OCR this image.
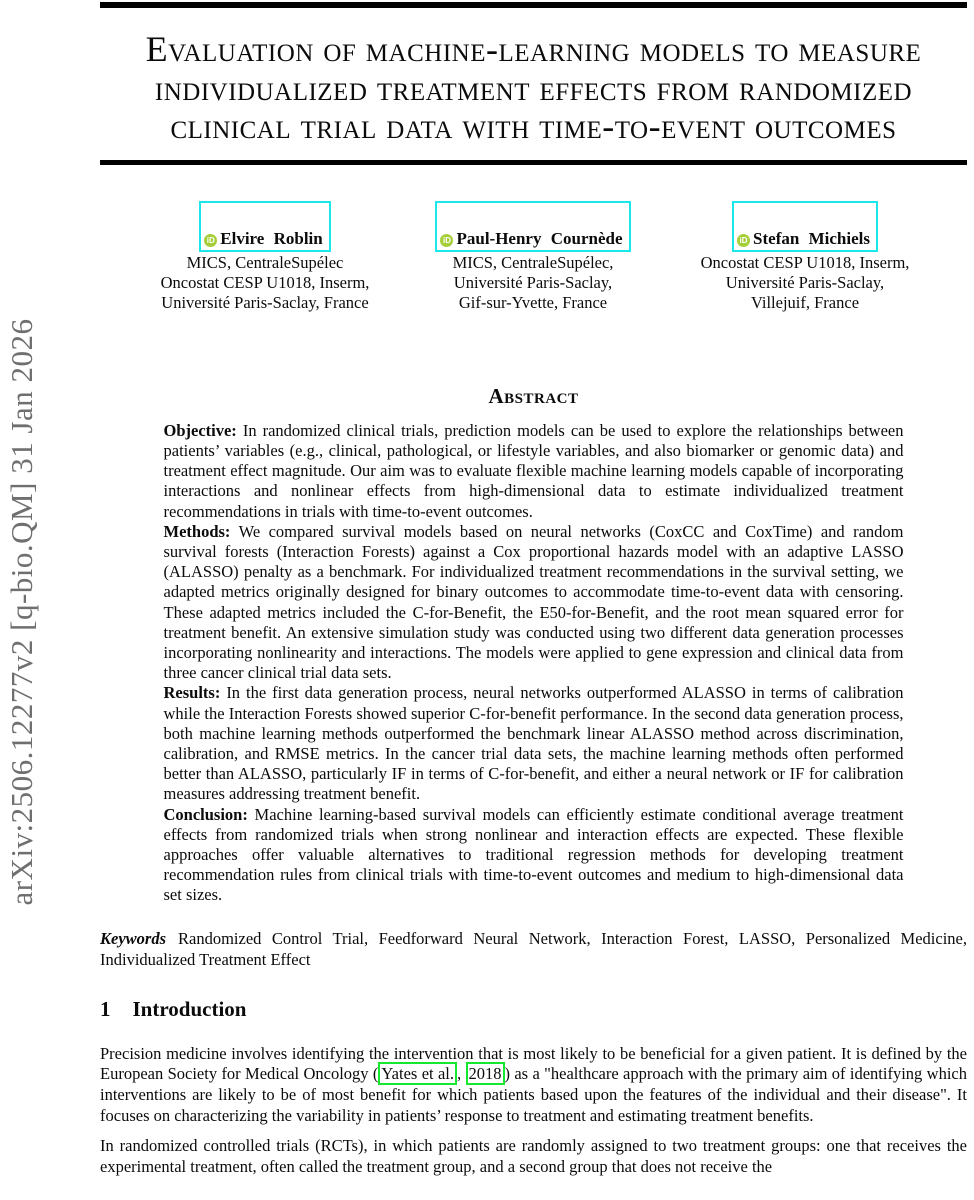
arXiv:2506.12277v2 [q-bio.QM] 31 Jan 2026
Evaluation of machine-learning models to measure individualized treatment effects from randomized clinical trial data with time-to-event outcomes
iD Elvire Roblin
MICS, CentraleSupélec
Oncostat CESP U1018, Inserm,
Université Paris-Saclay, France
iD Paul-Henry Cournède
MICS, CentraleSupélec,
Université Paris-Saclay,
Gif-sur-Yvette, France
iD Stefan Michiels
Oncostat CESP U1018, Inserm,
Université Paris-Saclay,
Villejuif, France
Abstract

Objective: In randomized clinical trials, prediction models can be used to explore the relationships between patients’ variables (e.g., clinical, pathological, or lifestyle variables, and also biomarker or genomic data) and treatment effect magnitude. Our aim was to evaluate flexible machine learning models capable of incorporating interactions and nonlinear effects from high-dimensional data to estimate individualized treatment recommendations in trials with time-to-event outcomes.

Methods: We compared survival models based on neural networks (CoxCC and CoxTime) and random survival forests (Interaction Forests) against a Cox proportional hazards model with an adaptive LASSO (ALASSO) penalty as a benchmark. For individualized treatment recommendations in the survival setting, we adapted metrics originally designed for binary outcomes to accommodate time-to-event data with censoring. These adapted metrics included the C-for-Benefit, the E50-for-Benefit, and the root mean squared error for treatment benefit. An extensive simulation study was conducted using two different data generation processes incorporating nonlinearity and interactions. The models were applied to gene expression and clinical data from three cancer clinical trial data sets.

Results: In the first data generation process, neural networks outperformed ALASSO in terms of calibration while the Interaction Forests showed superior C-for-benefit performance. In the second data generation process, both machine learning methods outperformed the benchmark linear ALASSO method across discrimination, calibration, and RMSE metrics. In the cancer trial data sets, the machine learning methods often performed better than ALASSO, particularly IF in terms of C-for-benefit, and either a neural network or IF for calibration measures addressing treatment benefit.

Conclusion: Machine learning-based survival models can efficiently estimate conditional average treatment effects from randomized trials when strong nonlinear and interaction effects are expected. These flexible approaches offer valuable alternatives to traditional regression methods for developing treatment recommendation rules from clinical trials with time-to-event outcomes and medium to high-dimensional data set sizes.

Keywords Randomized Control Trial, Feedforward Neural Network, Interaction Forest, LASSO, Personalized Medicine, Individualized Treatment Effect
1 Introduction

Precision medicine involves identifying the intervention that is most likely to be beneficial for a given patient. It is defined by the European Society for Medical Oncology ( Yates et al. , 2018 ) as a "healthcare approach with the primary aim of identifying which interventions are likely to be of most benefit for which patients based upon the features of the individual and their disease". It focuses on characterizing the variability in patients’ response to treatment and estimating treatment benefits.

In randomized controlled trials (RCTs), in which patients are randomly assigned to two treatment groups: one that receives the experimental treatment, often called the treatment group, and a second group that does not receive the
